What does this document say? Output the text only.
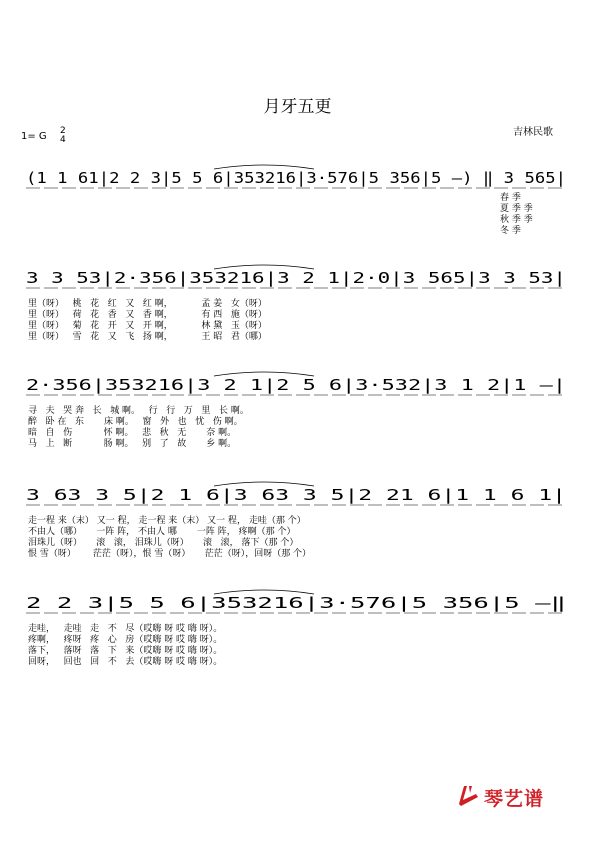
月牙五更
吉林民歌
1= G 2
4
(1 1 61|2 2 3|5 5 6|353216|3·576|5 356|5 —) ‖ 3 565|
春 季
夏 季 季
秋 季 季
冬 季
3 3 53|2·356|353216|3 2 1|2·0|3 565|3 3 53|
里（呀）   桃   花   红   又   红 啊，          孟 姜   女（呀）
里（呀）   荷   花   香   又   香 啊，          有 西   施（呀）
里（呀）   菊   花   开   又   开 啊，          林 黛   玉（呀）
里（呀）   雪   花   又   飞   扬 啊，          王 昭   君（哪）
2·356|353216|3 2 1|2 5 6|3·532|3 1 2|1 —|
寻   夫   哭 奔   长   城 啊。   行   行   万   里   长 啊。
醉   卧 在   东       床 啊。   窗   外   也   忧   伤 啊。
暗   自   伤           怀 啊。   悲   秋   无       奈 啊。
马   上   断           肠 啊。   别   了   故       乡 啊。
3 63 3 5|2 1 6|3 63 3 5|2 21 6|1 1 6 1|
走一程 来（末） 又一 程， 走一程 来（末） 又一 程， 走哇（那 个）
不由人（哪）     一阵 阵， 不由人 哪       一阵 阵， 疼啊（那 个）
泪珠儿（呀）     滚   滚， 泪珠儿（呀）     滚   滚， 落下（那 个）
恨 雪（呀）      茫茫（呀），恨 雪（呀）     茫茫（呀），回呀（那 个）
2 2 3|5 5 6|353216|3·576|5 356|5 —‖
走哇，   走哇   走   不   尽（哎嗨 呀 哎 嗨 呀）。
疼啊，   疼呀   疼   心   房（哎嗨 呀 哎 嗨 呀）。
落下，   落呀   落   下   来（哎嗨 呀 哎 嗨 呀）。
回呀，   回也   回   不   去（哎嗨 呀 哎 嗨 呀）。
琴艺谱
